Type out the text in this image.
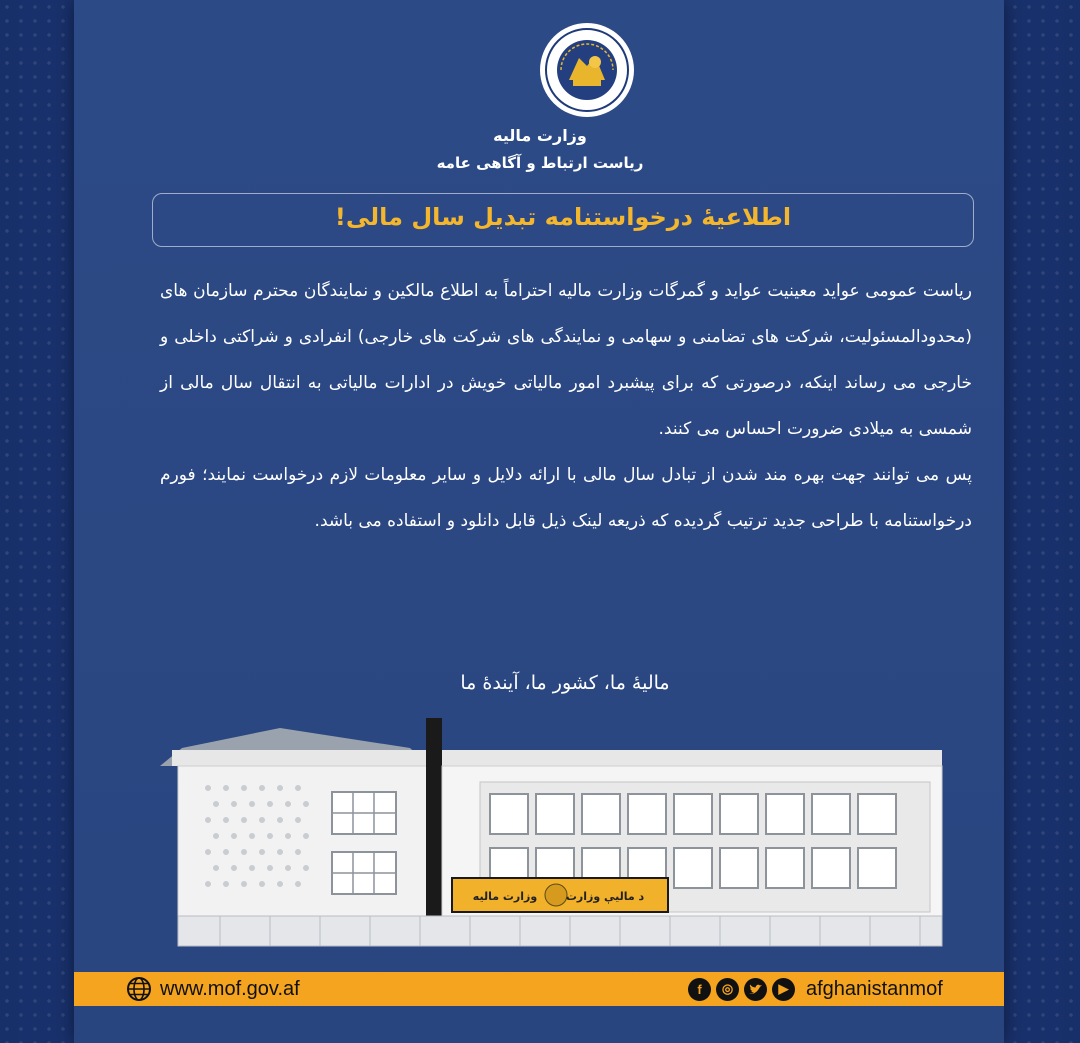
وزارت مالیه
ریاست ارتباط و آگاهی عامه
اطلاعیهٔ درخواستنامه تبدیل سال مالی!

ریاست عمومی عواید معینیت عواید و گمرگات وزارت مالیه احتراماً به اطلاع مالکین و نمایندگان محترم سازمان های (محدودالمسئولیت، شرکت های تضامنی و سهامی و نمایندگی های شرکت های خارجی) انفرادی و شراکتی داخلی و خارجی می رساند اینکه، درصورتی که برای پیشبرد امور مالیاتی خویش در ادارات مالیاتی به انتقال سال مالی از شمسی به میلادی ضرورت احساس می کنند.

پس می توانند جهت بهره مند شدن از تبادل سال مالی با ارائه دلایل و سایر معلومات لازم درخواست نمایند؛ فورم درخواستنامه با طراحی جدید ترتیب گردیده که ذریعه لینک ذیل قابل دانلود و استفاده می باشد.

مالیهٔ ما، کشور ما، آیندهٔ ما
د مالیې وزارت
وزارت مالیه
www.mof.gov.af	f	◎	▶ afghanistanmof
